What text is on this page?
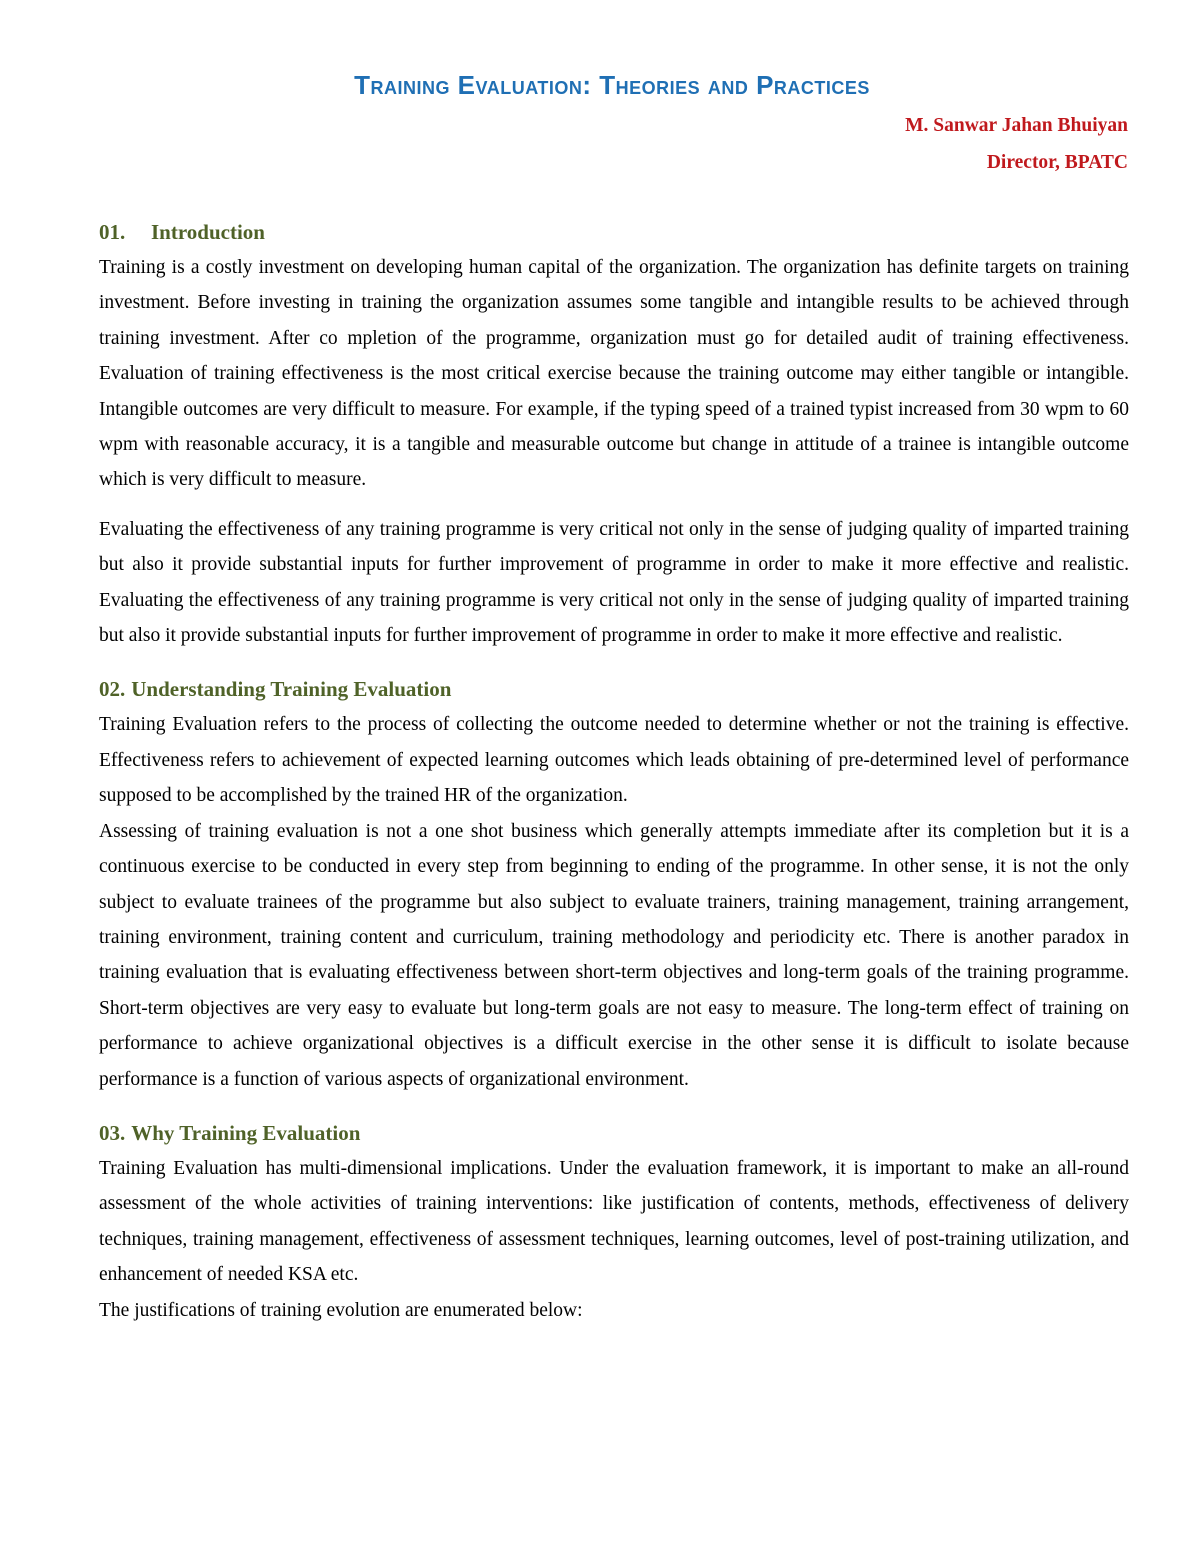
Training Evaluation: Theories and Practices

M. Sanwar Jahan Bhuiyan

Director, BPATC

01. Introduction

Training is a costly investment on developing human capital of the organization. The organization has definite targets on training investment. Before investing in training the organization assumes some tangible and intangible results to be achieved through training investment. After co mpletion of the programme, organization must go for detailed audit of training effectiveness. Evaluation of training effectiveness is the most critical exercise because the training outcome may either tangible or intangible. Intangible outcomes are very difficult to measure. For example, if the typing speed of a trained typist increased from 30 wpm to 60 wpm with reasonable accuracy, it is a tangible and measurable outcome but change in attitude of a trainee is intangible outcome which is very difficult to measure.

Evaluating the effectiveness of any training programme is very critical not only in the sense of judging quality of imparted training but also it provide substantial inputs for further improvement of programme in order to make it more effective and realistic. Evaluating the effectiveness of any training programme is very critical not only in the sense of judging quality of imparted training but also it provide substantial inputs for further improvement of programme in order to make it more effective and realistic.

02. Understanding Training Evaluation

Training Evaluation refers to the process of collecting the outcome needed to determine whether or not the training is effective. Effectiveness refers to achievement of expected learning outcomes which leads obtaining of pre-determined level of performance supposed to be accomplished by the trained HR of the organization.

Assessing of training evaluation is not a one shot business which generally attempts immediate after its completion but it is a continuous exercise to be conducted in every step from beginning to ending of the programme. In other sense, it is not the only subject to evaluate trainees of the programme but also subject to evaluate trainers, training management, training arrangement, training environment, training content and curriculum, training methodology and periodicity etc. There is another paradox in training evaluation that is evaluating effectiveness between short-term objectives and long-term goals of the training programme. Short-term objectives are very easy to evaluate but long-term goals are not easy to measure. The long-term effect of training on performance to achieve organizational objectives is a difficult exercise in the other sense it is difficult to isolate because performance is a function of various aspects of organizational environment.

03. Why Training Evaluation

Training Evaluation has multi-dimensional implications. Under the evaluation framework, it is important to make an all-round assessment of the whole activities of training interventions: like justification of contents, methods, effectiveness of delivery techniques, training management, effectiveness of assessment techniques, learning outcomes, level of post-training utilization, and enhancement of needed KSA etc.

The justifications of training evolution are enumerated below:
